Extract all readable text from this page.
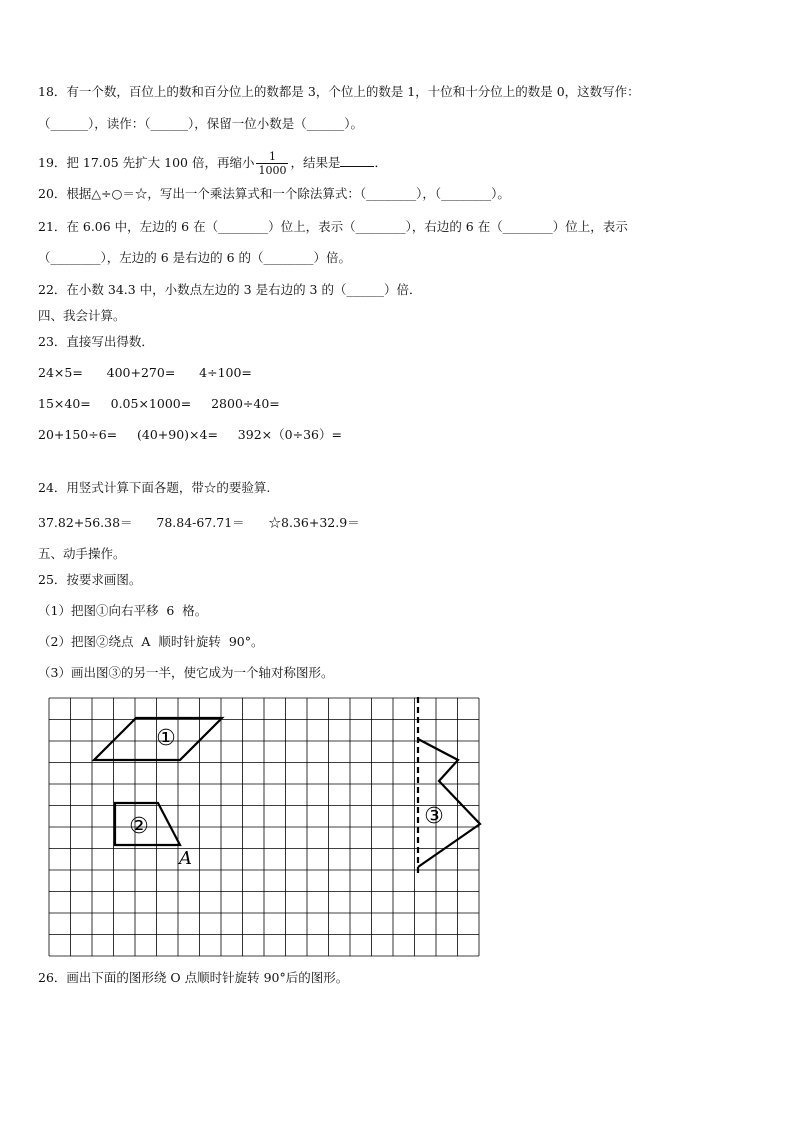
18．有一个数，百位上的数和百分位上的数都是 3，个位上的数是 1，十位和十分位上的数是 0，这数写作：
（______），读作：（______），保留一位小数是（______）。
19．把 17.05 先扩大 100 倍，再缩小 $\frac{1}{1000}$ ，结果是	．
20．根据△÷○＝☆，写出一个乘法算式和一个除法算式：（________），（________）。
21．在 6.06 中，左边的 6 在（________）位上，表示（________），右边的 6 在（________）位上，表示
（________），左边的 6 是右边的 6 的（________）倍。
22．在小数 34.3 中，小数点左边的 3 是右边的 3 的（______）倍．
四、我会计算。
23．直接写出得数．
24×5=      400+270=      4÷100=
15×40=     0.05×1000=     2800÷40=
20+150÷6=     (40+90)×4=     392×（0÷36）=
24．用竖式计算下面各题，带☆的要验算.
37.82+56.38＝      78.84-67.71＝      ☆8.36+32.9＝
五、动手操作。
25．按要求画图。
（1）把图①向右平移  6  格。
（2）把图②绕点  A  顺时针旋转  90°。
（3）画出图③的另一半，使它成为一个轴对称图形。
①
②
A
③
26．画出下面的图形绕 O 点顺时针旋转 90°后的图形。
